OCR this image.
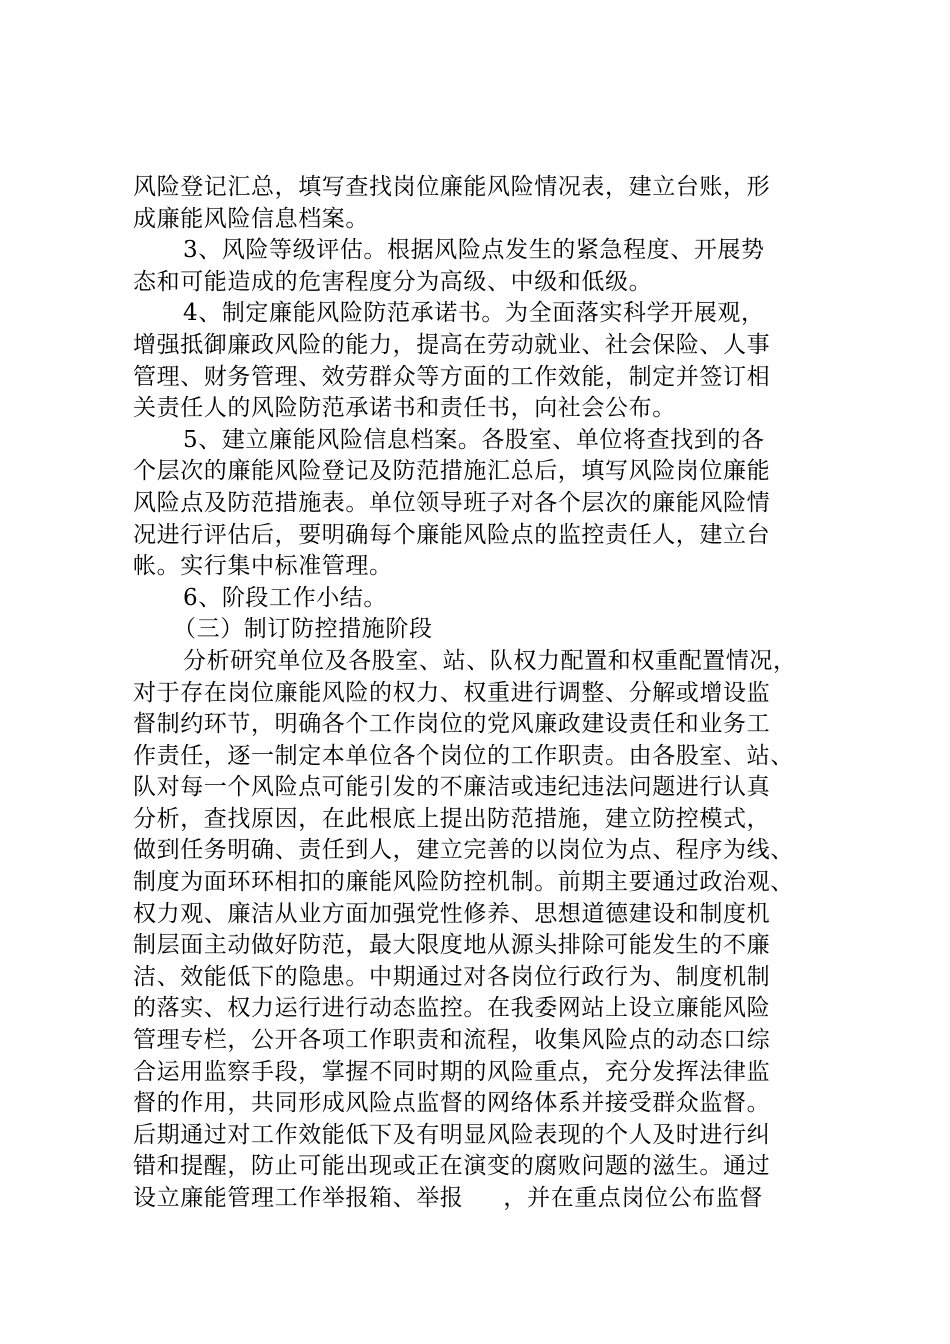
风险登记汇总，填写查找岗位廉能风险情况表，建立台账，形
成廉能风险信息档案。
3、风险等级评估。根据风险点发生的紧急程度、开展势
态和可能造成的危害程度分为高级、中级和低级。
4、制定廉能风险防范承诺书。为全面落实科学开展观，
增强抵御廉政风险的能力，提高在劳动就业、社会保险、人事
管理、财务管理、效劳群众等方面的工作效能，制定并签订相
关责任人的风险防范承诺书和责任书，向社会公布。
5、建立廉能风险信息档案。各股室、单位将查找到的各
个层次的廉能风险登记及防范措施汇总后，填写风险岗位廉能
风险点及防范措施表。单位领导班子对各个层次的廉能风险情
况进行评估后，要明确每个廉能风险点的监控责任人，建立台
帐。实行集中标准管理。
6、阶段工作小结。
（三）制订防控措施阶段
分析研究单位及各股室、站、队权力配置和权重配置情况，
对于存在岗位廉能风险的权力、权重进行调整、分解或增设监
督制约环节，明确各个工作岗位的党风廉政建设责任和业务工
作责任，逐一制定本单位各个岗位的工作职责。由各股室、站、
队对每一个风险点可能引发的不廉洁或违纪违法问题进行认真
分析，查找原因，在此根底上提出防范措施，建立防控模式，
做到任务明确、责任到人，建立完善的以岗位为点、程序为线、
制度为面环环相扣的廉能风险防控机制。前期主要通过政治观、
权力观、廉洁从业方面加强党性修养、思想道德建设和制度机
制层面主动做好防范，最大限度地从源头排除可能发生的不廉
洁、效能低下的隐患。中期通过对各岗位行政行为、制度机制
的落实、权力运行进行动态监控。在我委网站上设立廉能风险
管理专栏，公开各项工作职责和流程，收集风险点的动态口综
合运用监察手段，掌握不同时期的风险重点，充分发挥法律监
督的作用，共同形成风险点监督的网络体系并接受群众监督。
后期通过对工作效能低下及有明显风险表现的个人及时进行纠
错和提醒，防止可能出现或正在演变的腐败问题的滋生。通过
设立廉能管理工作举报箱、举报 ，并在重点岗位公布监督
